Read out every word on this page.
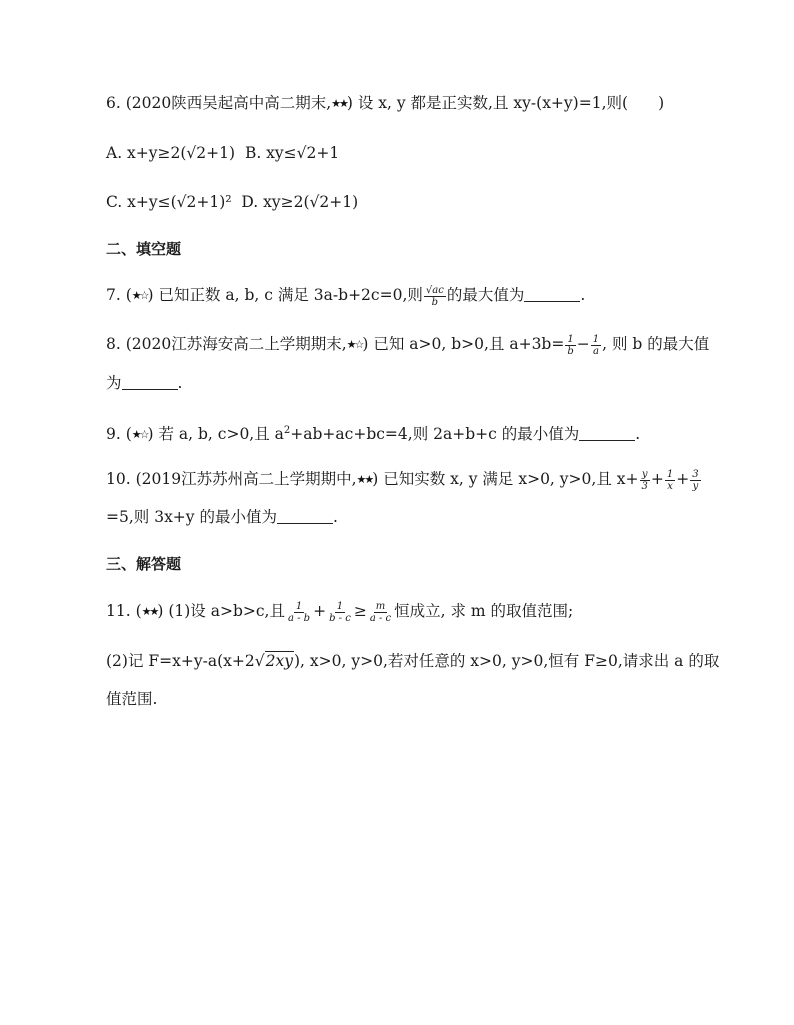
6. (2020陕西吴起高中高二期末,★★) 设 x, y 都是正实数,且 xy-(x+y)=1,则( )
A. x+y≥2(√2+1) B. xy≤√2+1
C. x+y≤(√2+1)² D. xy≥2(√2+1)
二、填空题
7. (★☆) 已知正数 a, b, c 满足 3a-b+2c=0,则 $\frac{√ac}{b}$ 的最大值为	.
8. (2020江苏海安高二上学期期末,★☆) 已知 a>0, b>0,且 $a+3b= \frac{1}{b} - \frac{1}{a}$ , 则 b 的最大值
为	.
9. (★☆) 若 a, b, c>0,且 $a^2+ab+ac+bc=4$,则 2a+b+c 的最小值为	.
10. (2019江苏苏州高二上学期期中,★★) 已知实数 x, y 满足 x>0, y>0,且 $x+ \frac{y}{3} + \frac{1}{x} + \frac{3}{y}$
=5,则 3x+y 的最小值为	.
三、解答题
11. (★★) (1)设 a>b>c,且 $\frac{1}{a - b} + \frac{1}{b - c} \ge \frac{m}{a - c}$ 恒成立, 求 m 的取值范围;
(2)记 F=x+y-a(x+2√2xy), x>0, y>0,若对任意的 x>0, y>0,恒有 F≥0,请求出 a 的取
值范围.
